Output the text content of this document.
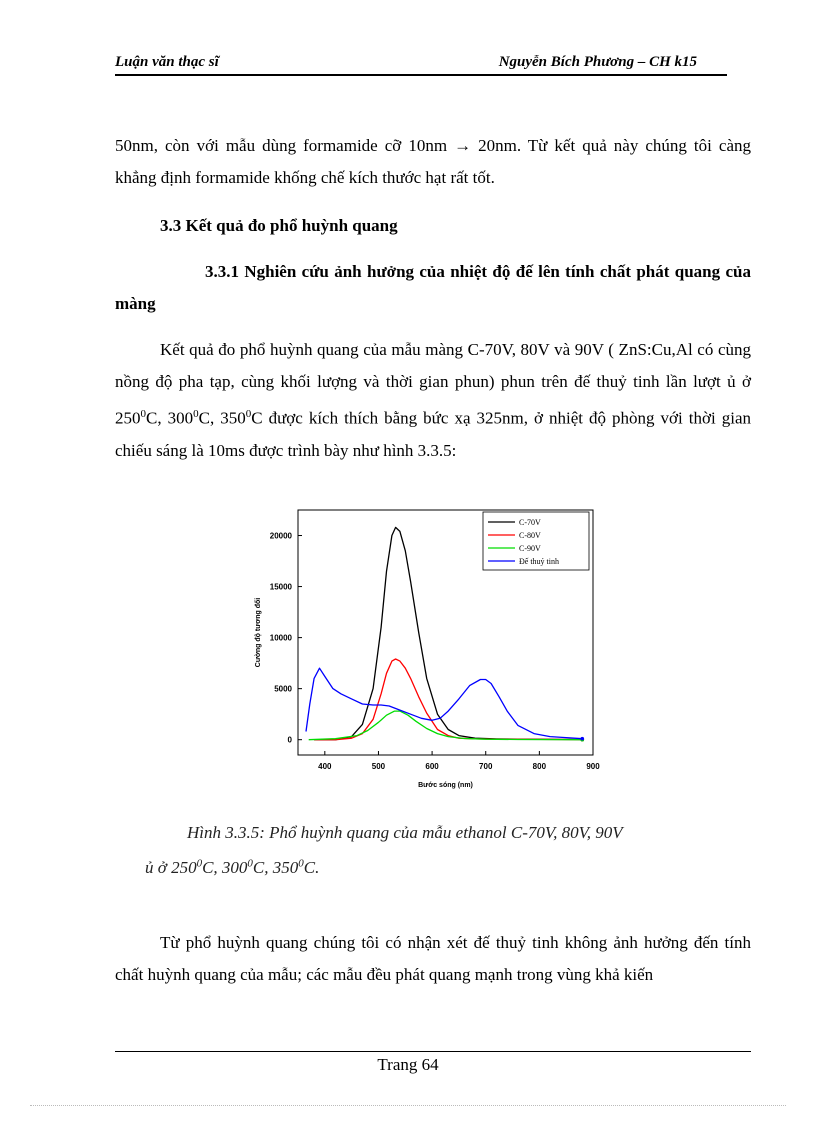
Luận văn thạc sĩ	Nguyễn Bích Phương – CH k15
50nm, còn với mẫu dùng formamide cỡ 10nm → 20nm. Từ kết quả này chúng tôi càng khẳng định formamide khống chế kích thước hạt rất tốt.
3.3 Kết quả đo phổ huỳnh quang
3.3.1 Nghiên cứu ảnh hưởng của nhiệt độ đế lên tính chất phát quang của màng
Kết quả đo phổ huỳnh quang của mẫu màng C-70V, 80V và 90V ( ZnS:Cu,Al có cùng nồng độ pha tạp, cùng khối lượng và thời gian phun) phun trên đế thuỷ tinh lần lượt ủ ở $250^0C$, $300^0C$, $350^0C$ được kích thích bằng bức xạ 325nm, ở nhiệt độ phòng với thời gian chiếu sáng là 10ms được trình bày như hình 3.3.5:
400	500	600	700	800	900
0
5000
10000
15000
20000
Bước sóng (nm)
Cường độ tương đối
C-70V
C-80V
C-90V
Đế thuỷ tinh
Hình 3.3.5: Phổ huỳnh quang của mẫu ethanol C-70V, 80V, 90V
ủ ở $250^0C$, $300^0C$, $350^0C$.
Từ phổ huỳnh quang chúng tôi có nhận xét đế thuỷ tinh không ảnh hưởng đến tính chất huỳnh quang của mẫu; các mẫu đều phát quang mạnh trong vùng khả kiến
Trang 64
